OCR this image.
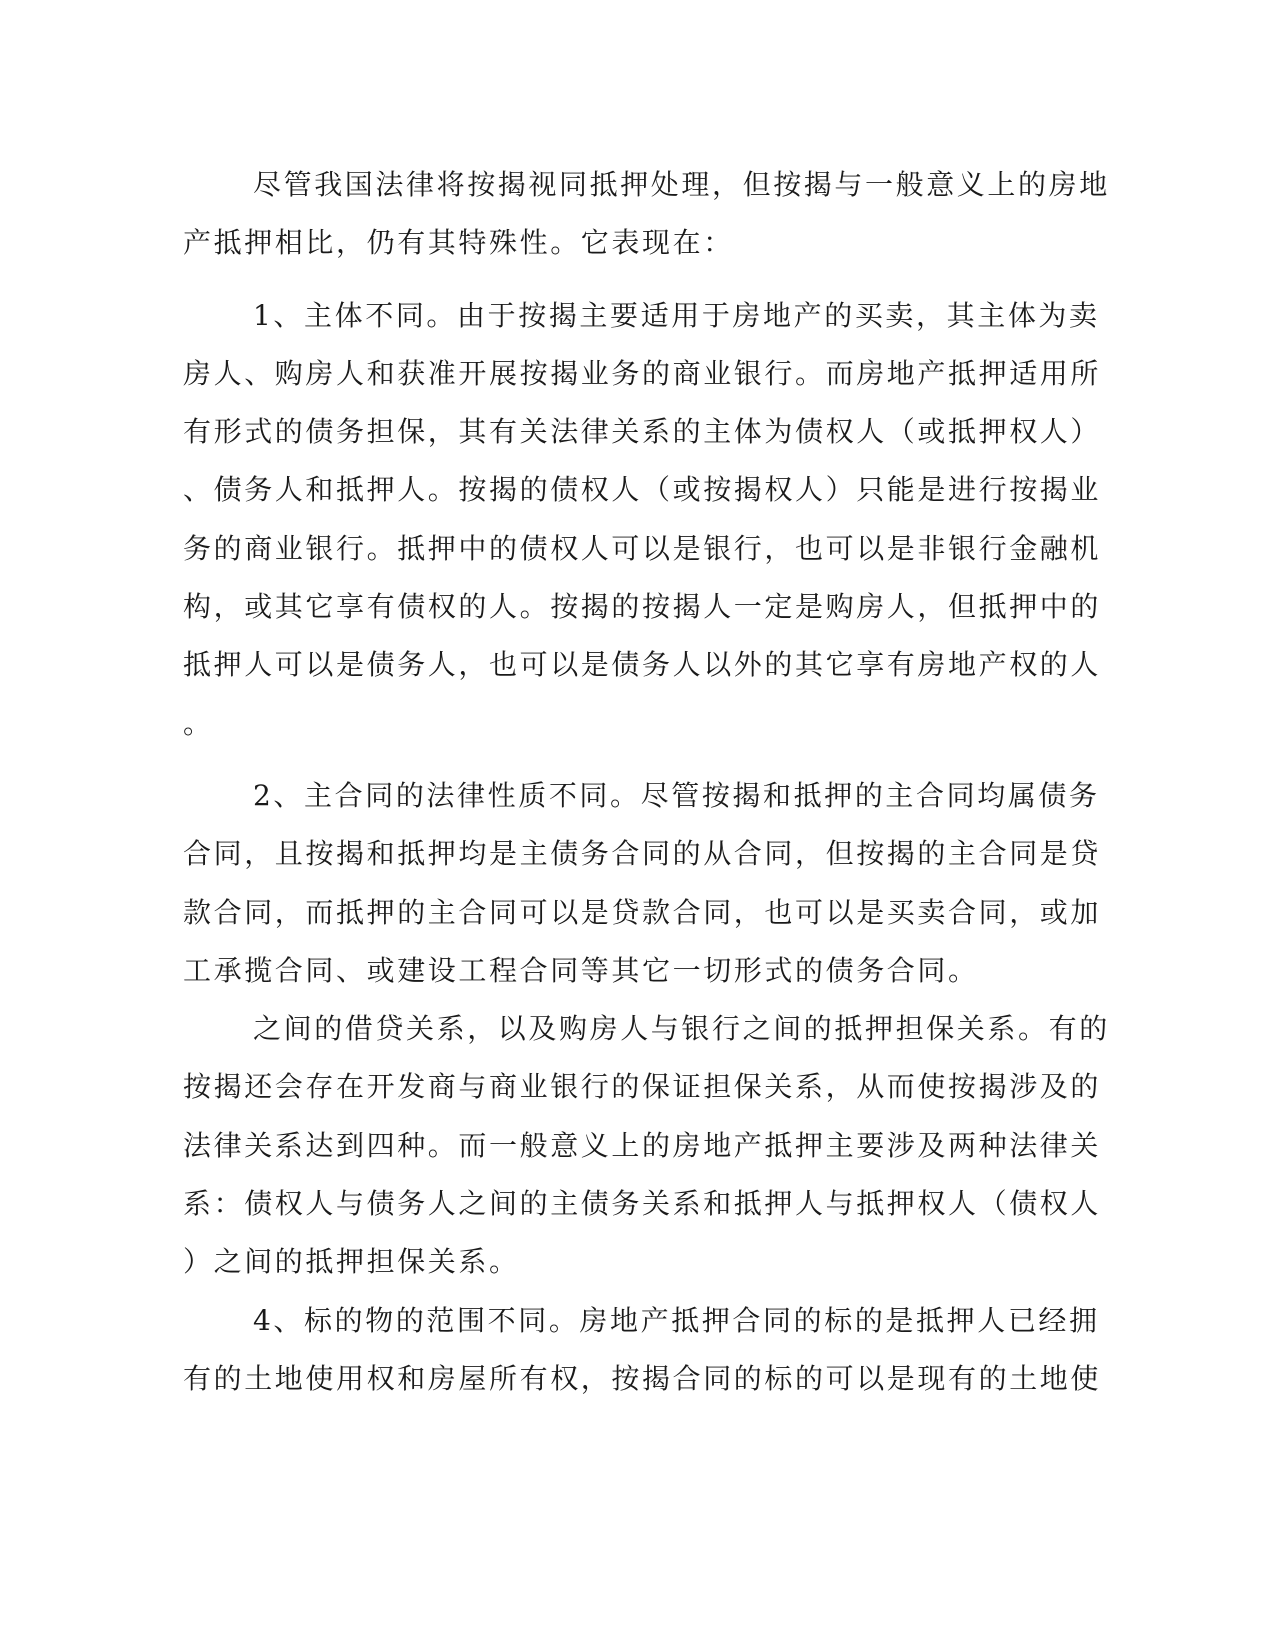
尽管我国法律将按揭视同抵押处理，但按揭与一般意义上的房地
产抵押相比，仍有其特殊性。它表现在：
1、主体不同。由于按揭主要适用于房地产的买卖，其主体为卖
房人、购房人和获准开展按揭业务的商业银行。而房地产抵押适用所
有形式的债务担保，其有关法律关系的主体为债权人（或抵押权人）
、债务人和抵押人。按揭的债权人（或按揭权人）只能是进行按揭业
务的商业银行。抵押中的债权人可以是银行，也可以是非银行金融机
构，或其它享有债权的人。按揭的按揭人一定是购房人，但抵押中的
抵押人可以是债务人，也可以是债务人以外的其它享有房地产权的人
。
2、主合同的法律性质不同。尽管按揭和抵押的主合同均属债务
合同，且按揭和抵押均是主债务合同的从合同，但按揭的主合同是贷
款合同，而抵押的主合同可以是贷款合同，也可以是买卖合同，或加
工承揽合同、或建设工程合同等其它一切形式的债务合同。
之间的借贷关系，以及购房人与银行之间的抵押担保关系。有的
按揭还会存在开发商与商业银行的保证担保关系，从而使按揭涉及的
法律关系达到四种。而一般意义上的房地产抵押主要涉及两种法律关
系：债权人与债务人之间的主债务关系和抵押人与抵押权人（债权人
）之间的抵押担保关系。
4、标的物的范围不同。房地产抵押合同的标的是抵押人已经拥
有的土地使用权和房屋所有权，按揭合同的标的可以是现有的土地使
